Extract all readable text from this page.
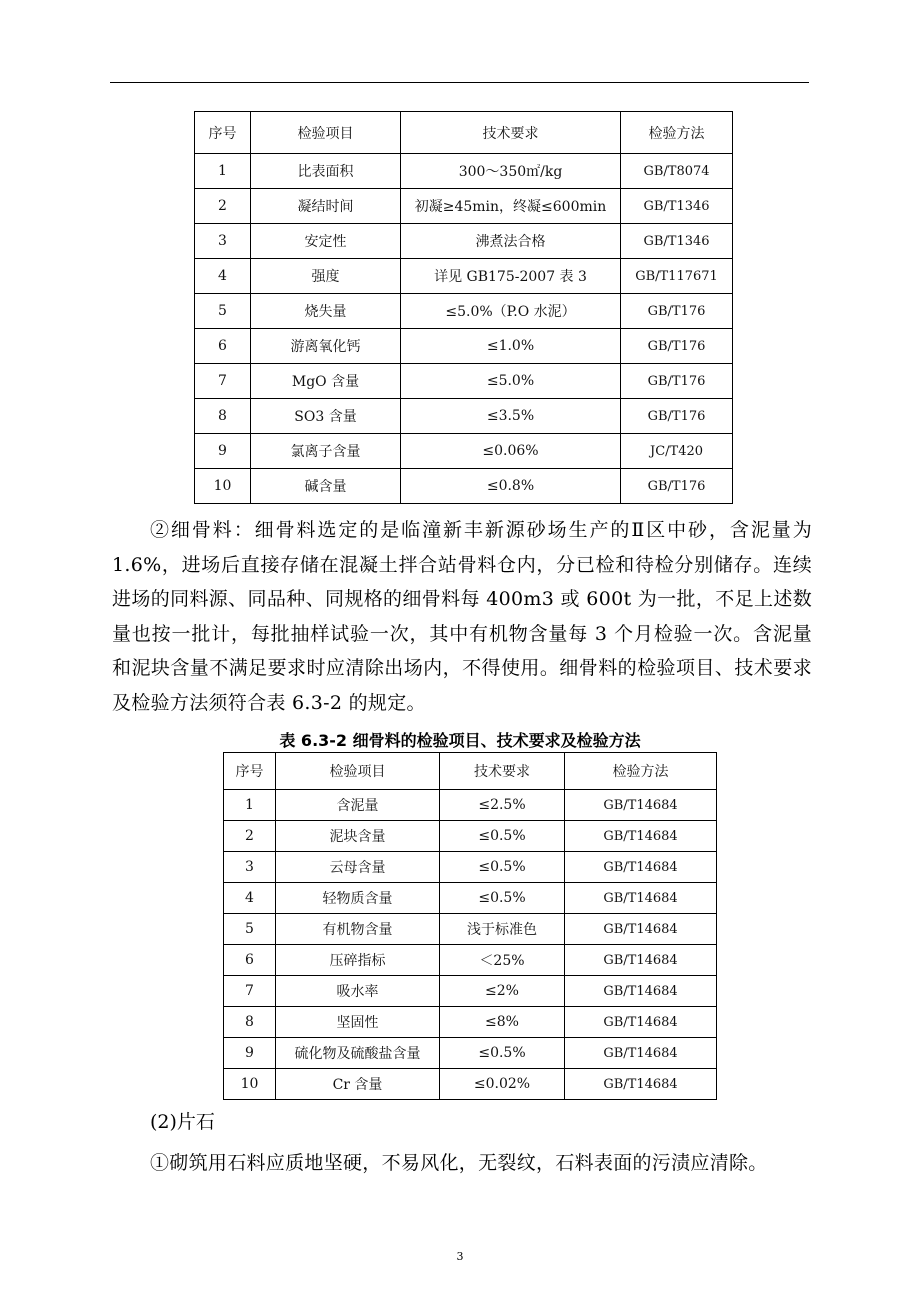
序号	检验项目	技术要求	检验方法
1	比表面积	300～350㎡/kg	GB/T8074
2	凝结时间	初凝≥45min，终凝≤600min	GB/T1346
3	安定性	沸煮法合格	GB/T1346
4	强度	详见 GB175-2007 表 3	GB/T117671
5	烧失量	≤5.0%（P.O 水泥）	GB/T176
6	游离氧化钙	≤1.0%	GB/T176
7	MgO 含量	≤5.0%	GB/T176
8	SO3 含量	≤3.5%	GB/T176
9	氯离子含量	≤0.06%	JC/T420
10	碱含量	≤0.8%	GB/T176

②细骨料：细骨料选定的是临潼新丰新源砂场生产的Ⅱ区中砂，含泥量为 1.6%，进场后直接存储在混凝土拌合站骨料仓内，分已检和待检分别储存。连续进场的同料源、同品种、同规格的细骨料每 400m3 或 600t 为一批，不足上述数量也按一批计，每批抽样试验一次，其中有机物含量每 3 个月检验一次。含泥量和泥块含量不满足要求时应清除出场内，不得使用。细骨料的检验项目、技术要求及检验方法须符合表 6.3-2 的规定。

表 6.3-2 细骨料的检验项目、技术要求及检验方法

序号	检验项目	技术要求	检验方法
1	含泥量	≤2.5%	GB/T14684
2	泥块含量	≤0.5%	GB/T14684
3	云母含量	≤0.5%	GB/T14684
4	轻物质含量	≤0.5%	GB/T14684
5	有机物含量	浅于标准色	GB/T14684
6	压碎指标	＜25%	GB/T14684
7	吸水率	≤2%	GB/T14684
8	坚固性	≤8%	GB/T14684
9	硫化物及硫酸盐含量	≤0.5%	GB/T14684
10	Cr 含量	≤0.02%	GB/T14684

(2)片石

①砌筑用石料应质地坚硬，不易风化，无裂纹，石料表面的污渍应清除。

3
